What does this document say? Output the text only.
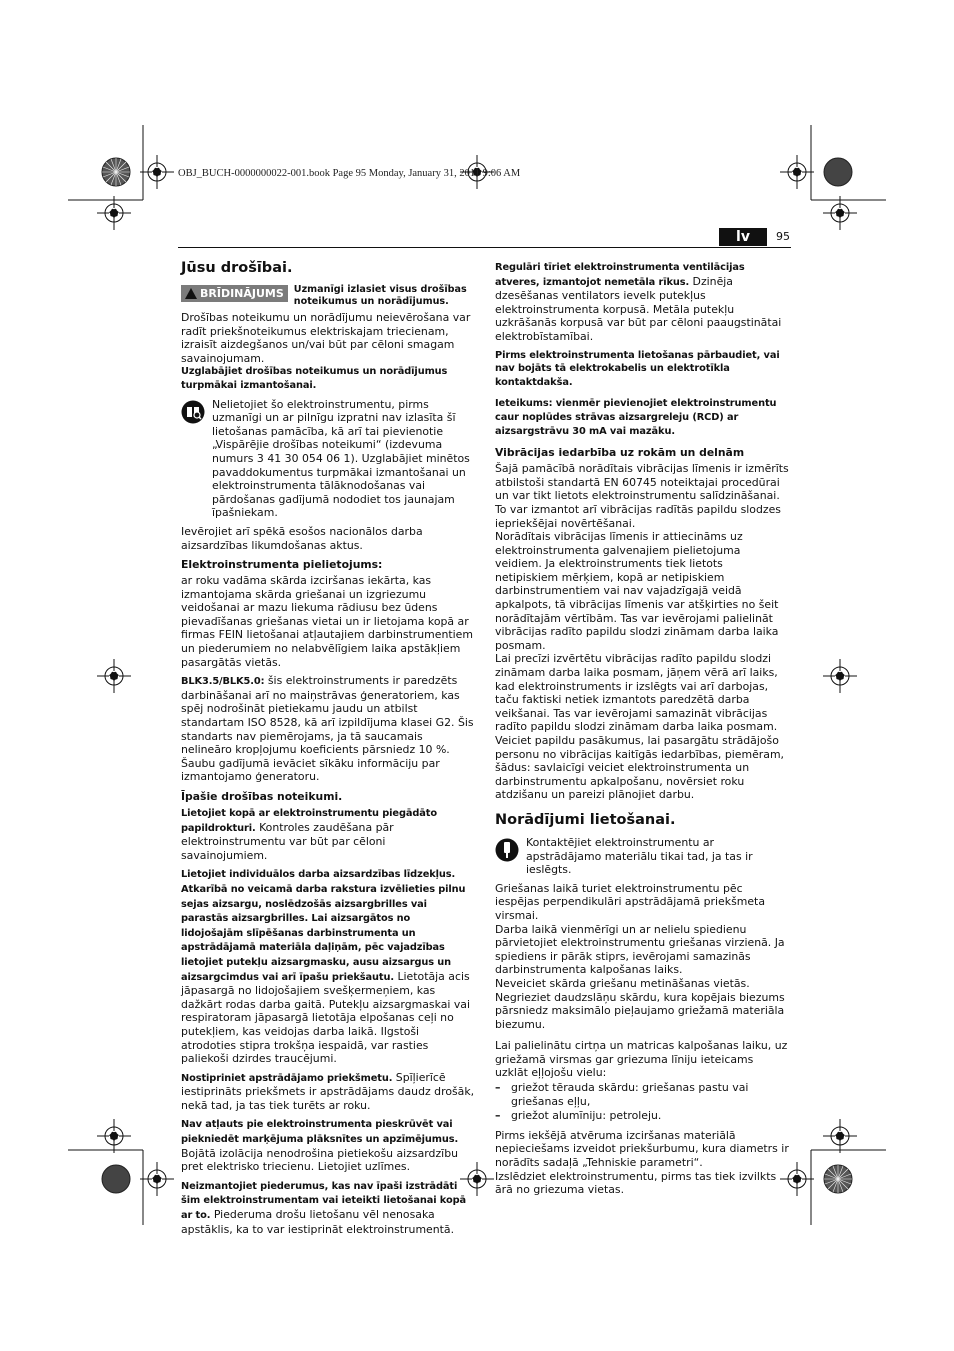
OBJ_BUCH-0000000022-001.book Page 95 Monday, January 31, 2011 9:06 AM
lv	95
Jūsu drošībai.
BRĪDINĀJUMS Uzmanīgi izlasiet visus drošības noteikumus un norādījumus.

Drošības noteikumu un norādījumu neievērošana var radīt priekšnoteikumus elektriskajam triecienam, izraisīt aizdegšanos un/vai būt par cēloni smagam savainojumam.

Uzglabājiet drošības noteikumus un norādījumus turpmākai izmantošanai.

Nelietojiet šo elektroinstrumentu, pirms uzmanīgi un ar pilnīgu izpratni nav izlasīta šī lietošanas pamācība, kā arī tai pievienotie „Vispārējie drošības noteikumi“ (izdevuma numurs 3 41 30 054 06 1). Uzglabājiet minētos pavaddokumentus turpmākai izmantošanai un elektroinstrumenta tālāknodošanas vai pārdošanas gadījumā nododiet tos jaunajam īpašniekam.

Ievērojiet arī spēkā esošos nacionālos darba aizsardzības likumdošanas aktus.

Elektroinstrumenta pielietojums:

ar roku vadāma skārda izciršanas iekārta, kas izmantojama skārda griešanai un izgriezumu veidošanai ar mazu liekuma rādiusu bez ūdens pievadīšanas griešanas vietai un ir lietojama kopā ar firmas FEIN lietošanai atļautajiem darbinstrumentiem un piederumiem no nelabvēlīgiem laika apstākļiem pasargātās vietās.

BLK3.5/BLK5.0: šis elektroinstruments ir paredzēts darbināšanai arī no maiņstrāvas ģeneratoriem, kas spēj nodrošināt pietiekamu jaudu un atbilst standartam ISO 8528, kā arī izpildījuma klasei G2. Šis standarts nav piemērojams, ja tā saucamais nelineāro kropļojumu koeficients pārsniedz 10 %. Šaubu gadījumā ievāciet sīkāku informāciju par izmantojamo ģeneratoru.

Īpašie drošības noteikumi.

Lietojiet kopā ar elektroinstrumentu piegādāto papildrokturi. Kontroles zaudēšana pār elektroinstrumentu var būt par cēloni savainojumiem.

Lietojiet individuālos darba aizsardzības līdzekļus. Atkarībā no veicamā darba rakstura izvēlieties pilnu sejas aizsargu, noslēdzošās aizsargbrilles vai parastās aizsargbrilles. Lai aizsargātos no lidojošajām slīpēšanas darbinstrumenta un apstrādājamā materiāla daļiņām, pēc vajadzības lietojiet putekļu aizsargmasku, ausu aizsargus un aizsargcimdus vai arī īpašu priekšautu. Lietotāja acis jāpasargā no lidojošajiem svešķermeņiem, kas dažkārt rodas darba gaitā. Putekļu aizsargmaskai vai respiratoram jāpasargā lietotāja elpošanas ceļi no putekļiem, kas veidojas darba laikā. Ilgstoši atrodoties stipra trokšņa iespaidā, var rasties paliekoši dzirdes traucējumi.

Nostipriniet apstrādājamo priekšmetu. Spīļierīcē iestiprināts priekšmets ir apstrādājams daudz drošāk, nekā tad, ja tas tiek turēts ar roku.

Nav atļauts pie elektroinstrumenta pieskrūvēt vai piekniedēt marķējuma plāksnītes un apzīmējumus. Bojātā izolācija nenodrošina pietiekošu aizsardzību pret elektrisko triecienu. Lietojiet uzlīmes.

Neizmantojiet piederumus, kas nav īpaši izstrādāti šim elektroinstrumentam vai ieteikti lietošanai kopā ar to. Piederuma drošu lietošanu vēl nenosaka apstāklis, ka to var iestiprināt elektroinstrumentā.

Regulāri tīriet elektroinstrumenta ventilācijas atveres, izmantojot nemetāla rīkus. Dzinēja dzesēšanas ventilators ievelk putekļus elektroinstrumenta korpusā. Metāla putekļu uzkrāšanās korpusā var būt par cēloni paaugstinātai elektrobīstamībai.

Pirms elektroinstrumenta lietošanas pārbaudiet, vai nav bojāts tā elektrokabelis un elektrotīkla kontaktdakša.

Ieteikums: vienmēr pievienojiet elektroinstrumentu caur noplūdes strāvas aizsargreleju (RCD) ar aizsargstrāvu 30 mA vai mazāku.

Vibrācijas iedarbība uz rokām un delnām

Šajā pamācībā norādītais vibrācijas līmenis ir izmērīts atbilstoši standartā EN 60745 noteiktajai procedūrai un var tikt lietots elektroinstrumentu salīdzināšanai. To var izmantot arī vibrācijas radītās papildu slodzes iepriekšējai novērtēšanai.

Norādītais vibrācijas līmenis ir attiecināms uz elektroinstrumenta galvenajiem pielietojuma veidiem. Ja elektroinstruments tiek lietots netipiskiem mērķiem, kopā ar netipiskiem darbinstrumentiem vai nav vajadzīgajā veidā apkalpots, tā vibrācijas līmenis var atšķirties no šeit norādītajām vērtībām. Tas var ievērojami palielināt vibrācijas radīto papildu slodzi zināmam darba laika posmam.

Lai precīzi izvērtētu vibrācijas radīto papildu slodzi zināmam darba laika posmam, jāņem vērā arī laiks, kad elektroinstruments ir izslēgts vai arī darbojas, taču faktiski netiek izmantots paredzētā darba veikšanai. Tas var ievērojami samazināt vibrācijas radīto papildu slodzi zināmam darba laika posmam.

Veiciet papildu pasākumus, lai pasargātu strādājošo personu no vibrācijas kaitīgās iedarbības, piemēram, šādus: savlaicīgi veiciet elektroinstrumenta un darbinstrumentu apkalpošanu, novērsiet roku atdzišanu un pareizi plānojiet darbu.

Norādījumi lietošanai.

Kontaktējiet elektroinstrumentu ar apstrādājamo materiālu tikai tad, ja tas ir ieslēgts.

Griešanas laikā turiet elektroinstrumentu pēc iespējas perpendikulāri apstrādājamā priekšmeta virsmai.

Darba laikā vienmērīgi un ar nelielu spiedienu pārvietojiet elektroinstrumentu griešanas virzienā. Ja spiediens ir pārāk stiprs, ievērojami samazinās darbinstrumenta kalpošanas laiks.

Neveiciet skārda griešanu metināšanas vietās. Negrieziet daudzslāņu skārdu, kura kopējais biezums pārsniedz maksimālo pieļaujamo griežamā materiāla biezumu.

Lai palielinātu cirtņa un matricas kalpošanas laiku, uz griežamā virsmas gar griezuma līniju ieteicams uzklāt eļļojošu vielu:

– griežot tērauda skārdu: griešanas pastu vai griešanas eļļu,
– griežot alumīniju: petroleju.

Pirms iekšējā atvēruma izciršanas materiālā nepieciešams izveidot priekšurbumu, kura diametrs ir norādīts sadaļā „Tehniskie parametri“.

Izslēdziet elektroinstrumentu, pirms tas tiek izvilkts ārā no griezuma vietas.
